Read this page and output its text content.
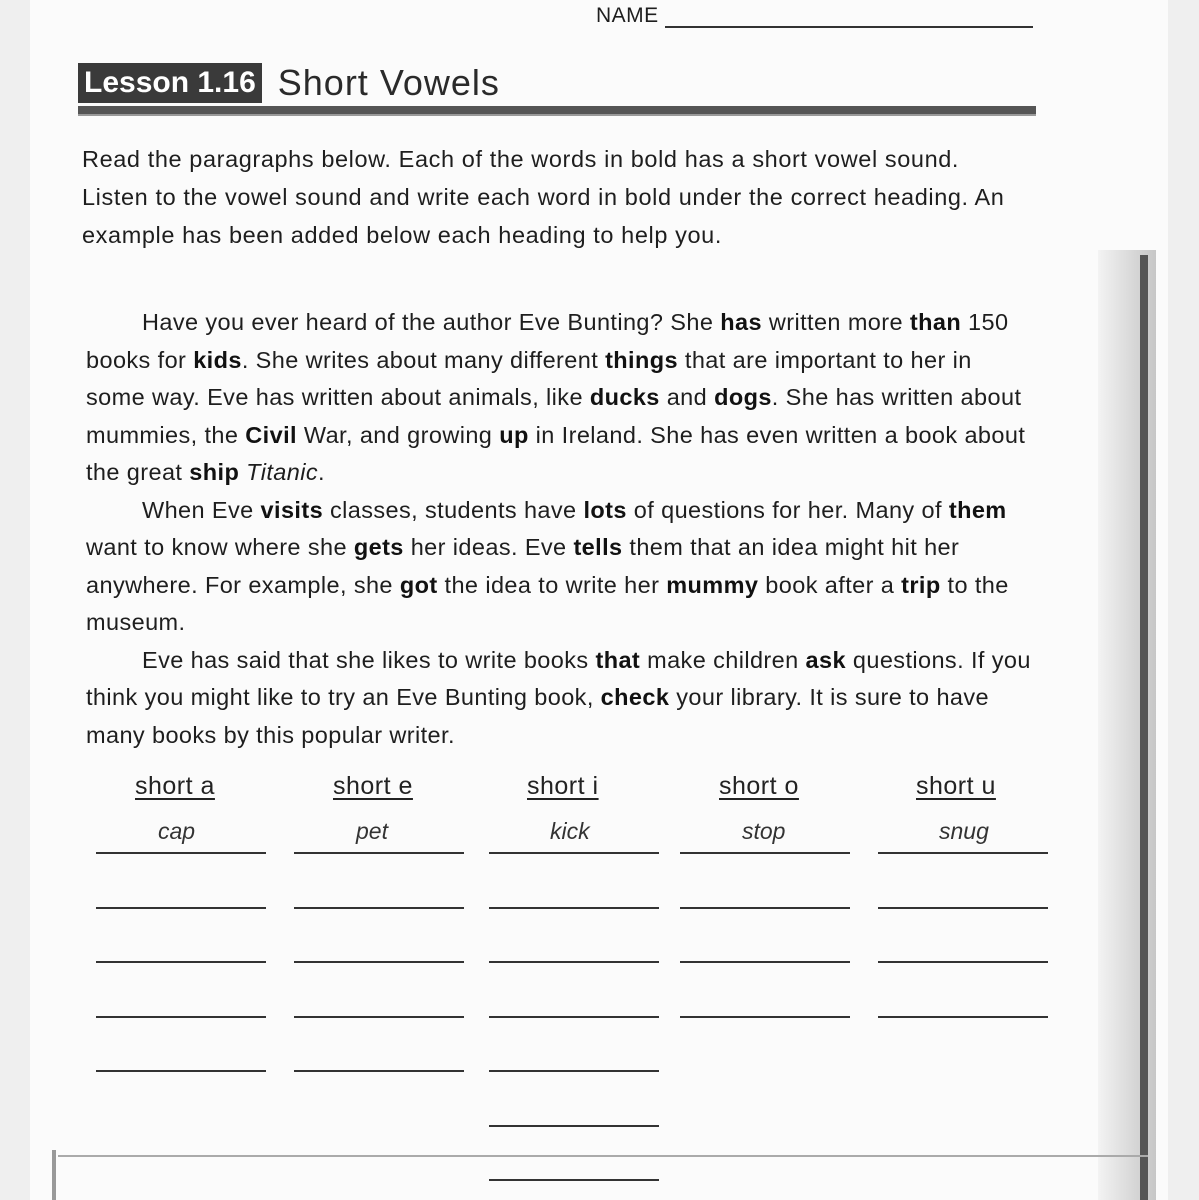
NAME
Lesson 1.16 Short Vowels
Read the paragraphs below. Each of the words in bold has a short vowel sound. Listen to the vowel sound and write each word in bold under the correct heading. An example has been added below each heading to help you.

Have you ever heard of the author Eve Bunting? She has written more than 150 books for kids. She writes about many different things that are important to her in some way. Eve has written about animals, like ducks and dogs. She has written about mummies, the Civil War, and growing up in Ireland. She has even written a book about the great ship Titanic.

When Eve visits classes, students have lots of questions for her. Many of them want to know where she gets her ideas. Eve tells them that an idea might hit her anywhere. For example, she got the idea to write her mummy book after a trip to the museum.

Eve has said that she likes to write books that make children ask questions. If you think you might like to try an Eve Bunting book, check your library. It is sure to have many books by this popular writer.

short a
cap
short e
pet
short i
kick
short o
stop
short u
snug
